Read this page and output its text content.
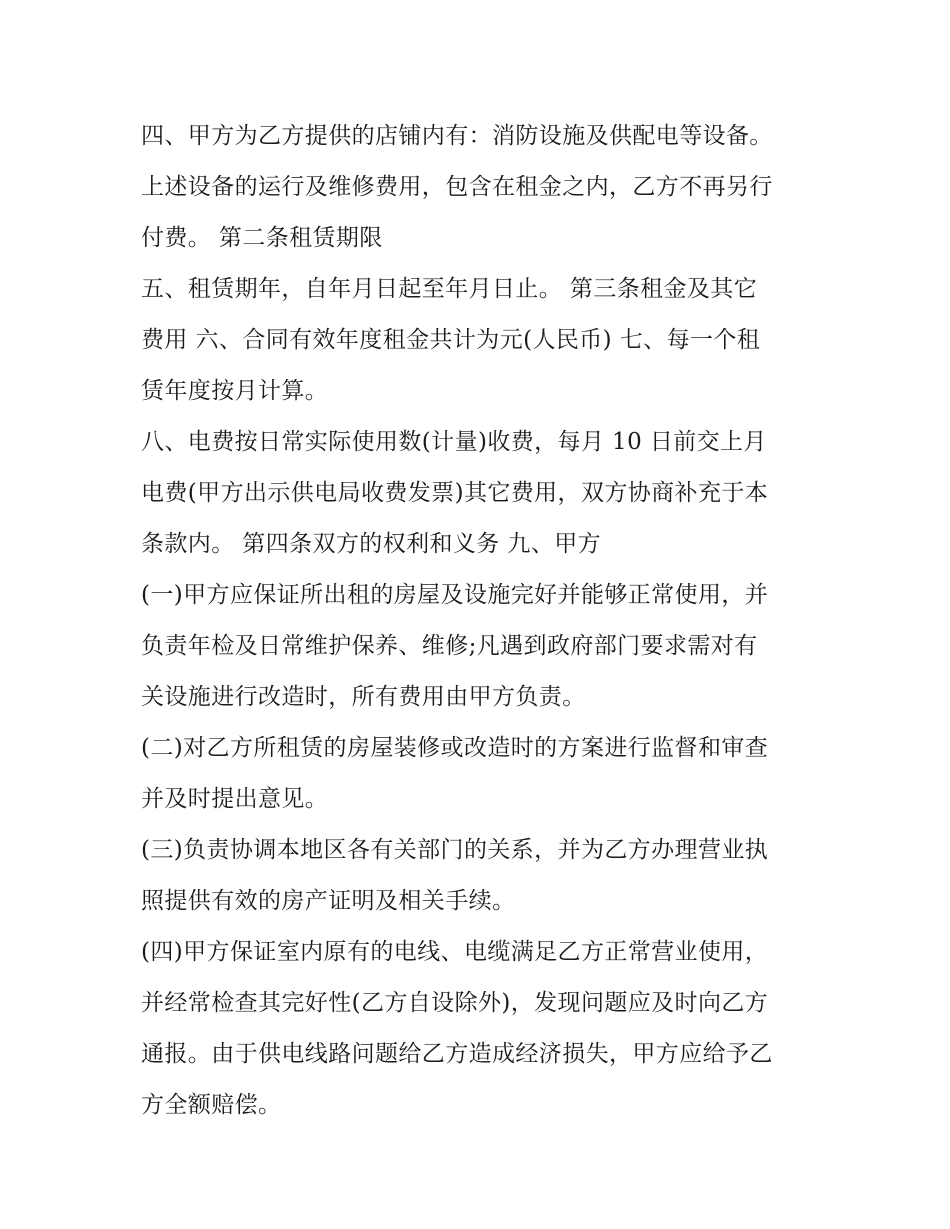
四、甲方为乙方提供的店铺内有：消防设施及供配电等设备。
上述设备的运行及维修费用，包含在租金之内，乙方不再另行
付费。 第二条租赁期限
五、租赁期年，自年月日起至年月日止。 第三条租金及其它
费用 六、合同有效年度租金共计为元(人民币) 七、每一个租
赁年度按月计算。
八、电费按日常实际使用数(计量)收费，每月 10 日前交上月
电费(甲方出示供电局收费发票)其它费用，双方协商补充于本
条款内。 第四条双方的权利和义务 九、甲方
(一)甲方应保证所出租的房屋及设施完好并能够正常使用，并
负责年检及日常维护保养、维修;凡遇到政府部门要求需对有
关设施进行改造时，所有费用由甲方负责。
(二)对乙方所租赁的房屋装修或改造时的方案进行监督和审查
并及时提出意见。
(三)负责协调本地区各有关部门的关系，并为乙方办理营业执
照提供有效的房产证明及相关手续。
(四)甲方保证室内原有的电线、电缆满足乙方正常营业使用，
并经常检查其完好性(乙方自设除外)，发现问题应及时向乙方
通报。由于供电线路问题给乙方造成经济损失，甲方应给予乙
方全额赔偿。
